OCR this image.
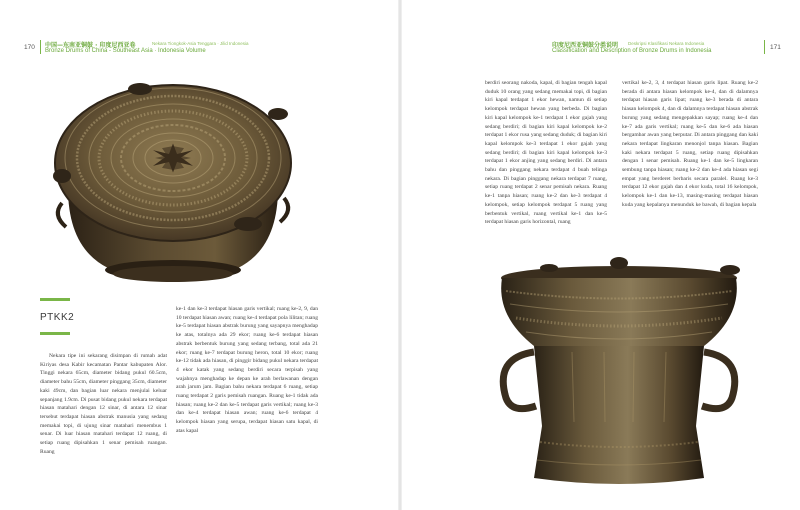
170 中国—东南亚铜鼓 · 印度尼西亚卷	Nekara Tiongkok-Asia Tenggara · Jilid Indonesia
Bronze Drums of China - Southeast Asia · Indonesia Volume
印度尼西亚铜鼓分类说明 Deskripsi Klasifikasi Nekara Indonesia
Classification and Description of Bronze Drums in Indonesia	171
PTKK2

Nekara tipe ini sekarang disimpan di rumah adat Kiriyas desa Kabir kecamatan Pantar kabupaten Alor. Tinggi nekara 65cm, diameter bidang pukul 60.5cm, diameter bahu 55cm, diameter pinggang 35cm, diameter kaki 49cm, dan bagian luar nekara menjulai keluar sepanjang 1.9cm. Di pusat bidang pukul nekara terdapat hiasan matahari dengan 12 sinar, di antara 12 sinar tersebut terdapat hiasan abstrak manusia yang sedang memakai topi, di ujung sinar matahari menembus 1 senar. Di luar hiasan matahari terdapat 12 ruang, di setiap ruang dipisahkan 1 senar pemisah ruangan. Ruang

ke-1 dan ke-3 terdapat hiasan garis vertikal; ruang ke-2, 9, dan 10 terdapat hiasan awan; ruang ke-4 terdapat pola lilitan; ruang ke-5 terdapat hiasan abstrak burung yang sayapnya menghadap ke atas, totalnya ada 29 ekor; ruang ke-6 terdapat hiasan abstrak berbentuk burung yang sedang terbang, total ada 21 ekor; ruang ke-7 terdapat burung heron, total 10 ekor; ruang ke-12 tidak ada hiasan, di pinggir bidang pukul nekara terdapat 4 ekor katak yang sedang berdiri secara terpisah yang wajahnya menghadap ke depan ke arah berlawanan dengan arah jarum jam. Bagian bahu nekara terdapat 6 ruang, setiap ruang terdapat 2 garis pemisah ruangan. Ruang ke-1 tidak ada hiasan; ruang ke-2 dan ke-5 terdapat garis vertikal; ruang ke-3 dan ke-4 terdapat hiasan awan; ruang ke-6 terdapat 4 kelompok hiasan yang serupa, terdapat hiasan satu kapal, di atas kapal

berdiri seorang nakoda, kapal, di bagian tengah kapal duduk 10 orang yang sedang memakai topi, di bagian kiri kapal terdapat 1 ekor hewan, namun di setiap kelompok terdapat hewan yang berbeda. Di bagian kiri kapal kelompok ke-1 terdapat 1 ekor gajah yang sedang berdiri; di bagian kiri kapal kelompok ke-2 terdapat 1 ekor rusa yang sedang duduk; di bagian kiri kapal kelompok ke-3 terdapat 1 ekor gajah yang sedang berdiri; di bagian kiri kapal kelompok ke-3 terdapat 1 ekor anjing yang sedang berdiri. Di antara bahu dan pinggang nekara terdapat 4 buah telinga nekara. Di bagian pinggang nekara terdapat 7 ruang, setiap ruang terdapat 2 senar pemisah nekara. Ruang ke-1 tanpa hiasan; ruang ke-2 dan ke-3 terdapat 4 kelompok, setiap kelompok terdapat 5 ruang yang berbentuk vertikal, ruang vertikal ke-1 dan ke-5 terdapat hiasan garis horizontal, ruang

vertikal ke-2, 3, 4 terdapat hiasan garis lipat. Ruang ke-2 berada di antara hiasan kelompok ke-4, dan di dalamnya terdapat hiasan garis lipat; ruang ke-3 berada di antara hiasan kelompok 4, dan di dalamnya terdapat hiasan abstrak burung yang sedang mengepakkan sayap; ruang ke-4 dan ke-7 ada garis vertikal; ruang ke-5 dan ke-6 ada hiasan bergambar awan yang berputar. Di antara pinggang dan kaki nekara terdapat lingkaran menonjol tanpa hiasan. Bagian kaki nekara terdapat 5 ruang, setiap ruang dipisahkan dengan 1 senar pemisah. Ruang ke-1 dan ke-5 lingkaran sembung tanpa hiasan; ruang ke-2 dan ke-4 ada hiasan segi empat yang berderet berbaris secara paralel. Ruang ke-3 terdapat 12 ekor gajah dan 4 ekor kuda, total 16 kelompok, kelompok ke-1 dan ke-13, masing-masing terdapat hiasan kuda yang kepalanya menunduk ke bawah, di bagian kepala
